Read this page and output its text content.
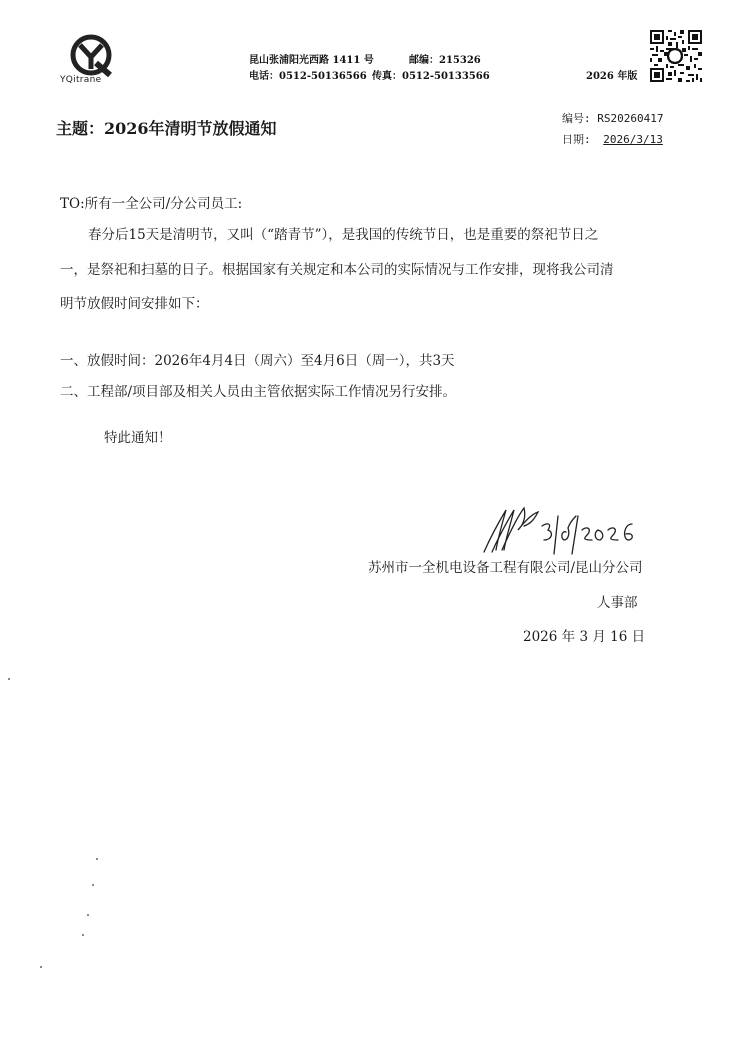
YQitrane
昆山张浦阳光西路 1411 号	邮编：215326
电话：0512-50136566 传真：0512-50133566	2026 年版
主题：2026年清明节放假通知
编号: RS20260417
日期: 2026/3/13
TO:所有一全公司/分公司员工:
春分后15天是清明节，又叫（“踏青节”），是我国的传统节日，也是重要的祭祀节日之
一，是祭祀和扫墓的日子。根据国家有关规定和本公司的实际情况与工作安排，现将我公司清
明节放假时间安排如下：
一、放假时间：2026年4月4日（周六）至4月6日（周一），共3天
二、工程部/项目部及相关人员由主管依据实际工作情况另行安排。
特此通知！
苏州市一全机电设备工程有限公司/昆山分公司
人事部
2026 年 3 月 16 日
